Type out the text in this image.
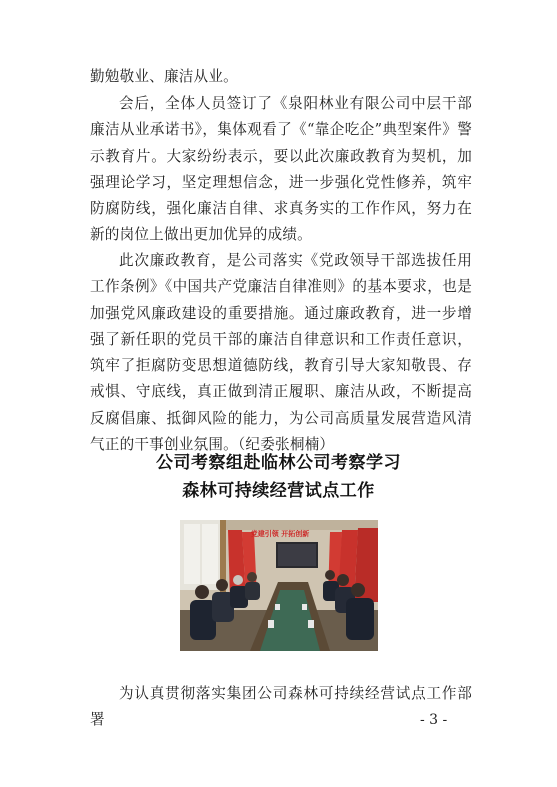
勤勉敬业、廉洁从业。

会后，全体人员签订了《泉阳林业有限公司中层干部廉洁从业承诺书》，集体观看了《“靠企吃企”典型案件》警示教育片。大家纷纷表示，要以此次廉政教育为契机，加强理论学习，坚定理想信念，进一步强化党性修养，筑牢防腐防线，强化廉洁自律、求真务实的工作作风，努力在新的岗位上做出更加优异的成绩。

此次廉政教育，是公司落实《党政领导干部选拔任用工作条例》《中国共产党廉洁自律准则》的基本要求，也是加强党风廉政建设的重要措施。通过廉政教育，进一步增强了新任职的党员干部的廉洁自律意识和工作责任意识，筑牢了拒腐防变思想道德防线，教育引导大家知敬畏、存戒惧、守底线，真正做到清正履职、廉洁从政，不断提高反腐倡廉、抵御风险的能力，为公司高质量发展营造风清气正的干事创业氛围。（纪委张桐楠）

公司考察组赴临林公司考察学习
森林可持续经营试点工作
党建引领 开拓创新

为认真贯彻落实集团公司森林可持续经营试点工作部署	- 3 -
